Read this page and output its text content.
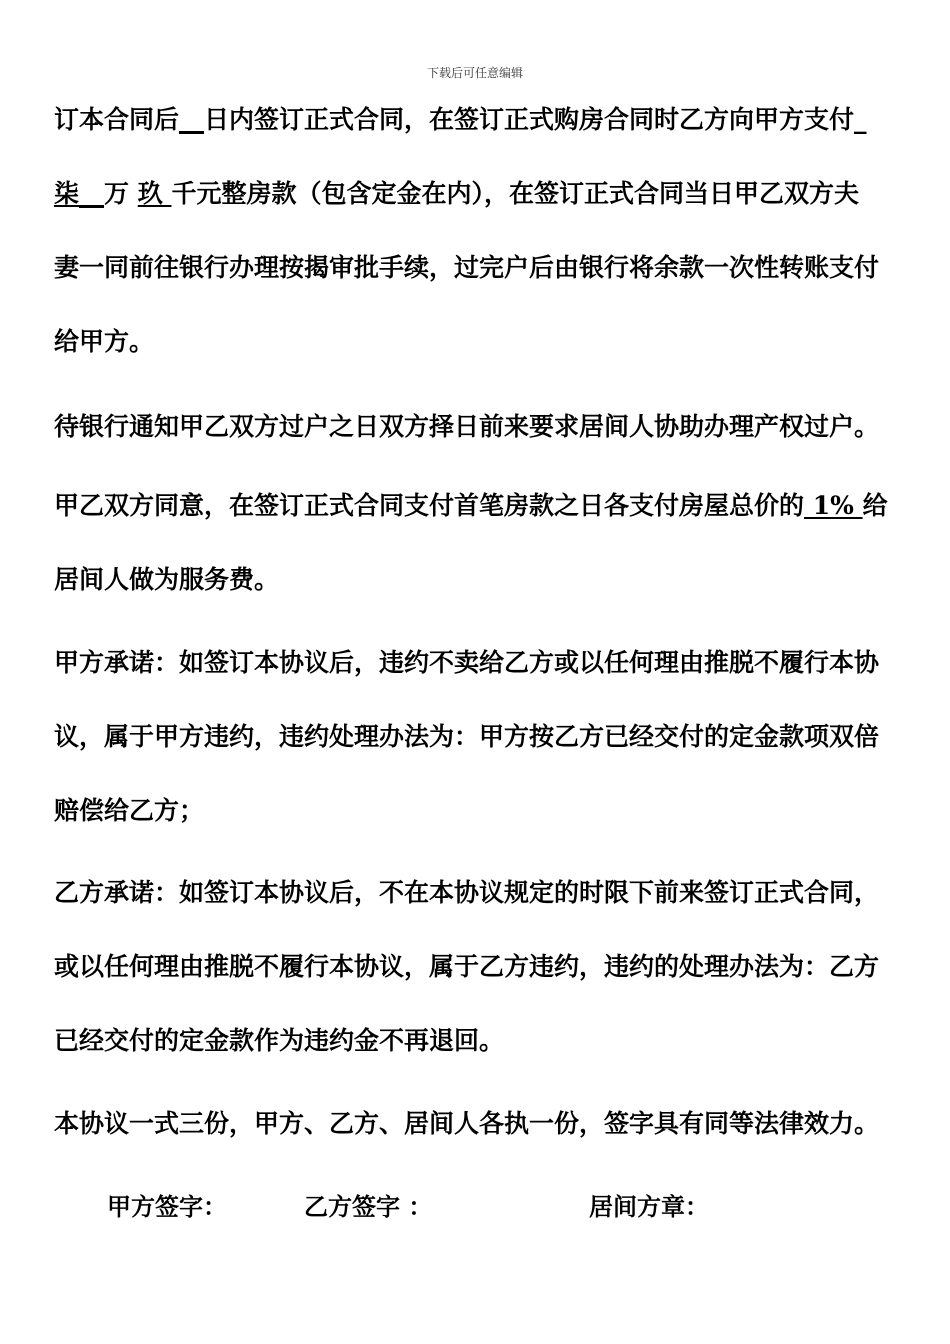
下载后可任意编辑
订本合同后__日内签订正式合同，在签订正式购房合同时乙方向甲方支付_
柒__万 玖 千元整房款（包含定金在内），在签订正式合同当日甲乙双方夫
妻一同前往银行办理按揭审批手续，过完户后由银行将余款一次性转账支付
给甲方。
待银行通知甲乙双方过户之日双方择日前来要求居间人协助办理产权过户。
甲乙双方同意，在签订正式合同支付首笔房款之日各支付房屋总价的 1% 给
居间人做为服务费。
甲方承诺：如签订本协议后，违约不卖给乙方或以任何理由推脱不履行本协
议，属于甲方违约，违约处理办法为：甲方按乙方已经交付的定金款项双倍
赔偿给乙方；
乙方承诺：如签订本协议后，不在本协议规定的时限下前来签订正式合同，
或以任何理由推脱不履行本协议，属于乙方违约，违约的处理办法为：乙方
已经交付的定金款作为违约金不再退回。
本协议一式三份，甲方、乙方、居间人各执一份，签字具有同等法律效力。
甲方签字：	乙方签字 ：	居间方章：
